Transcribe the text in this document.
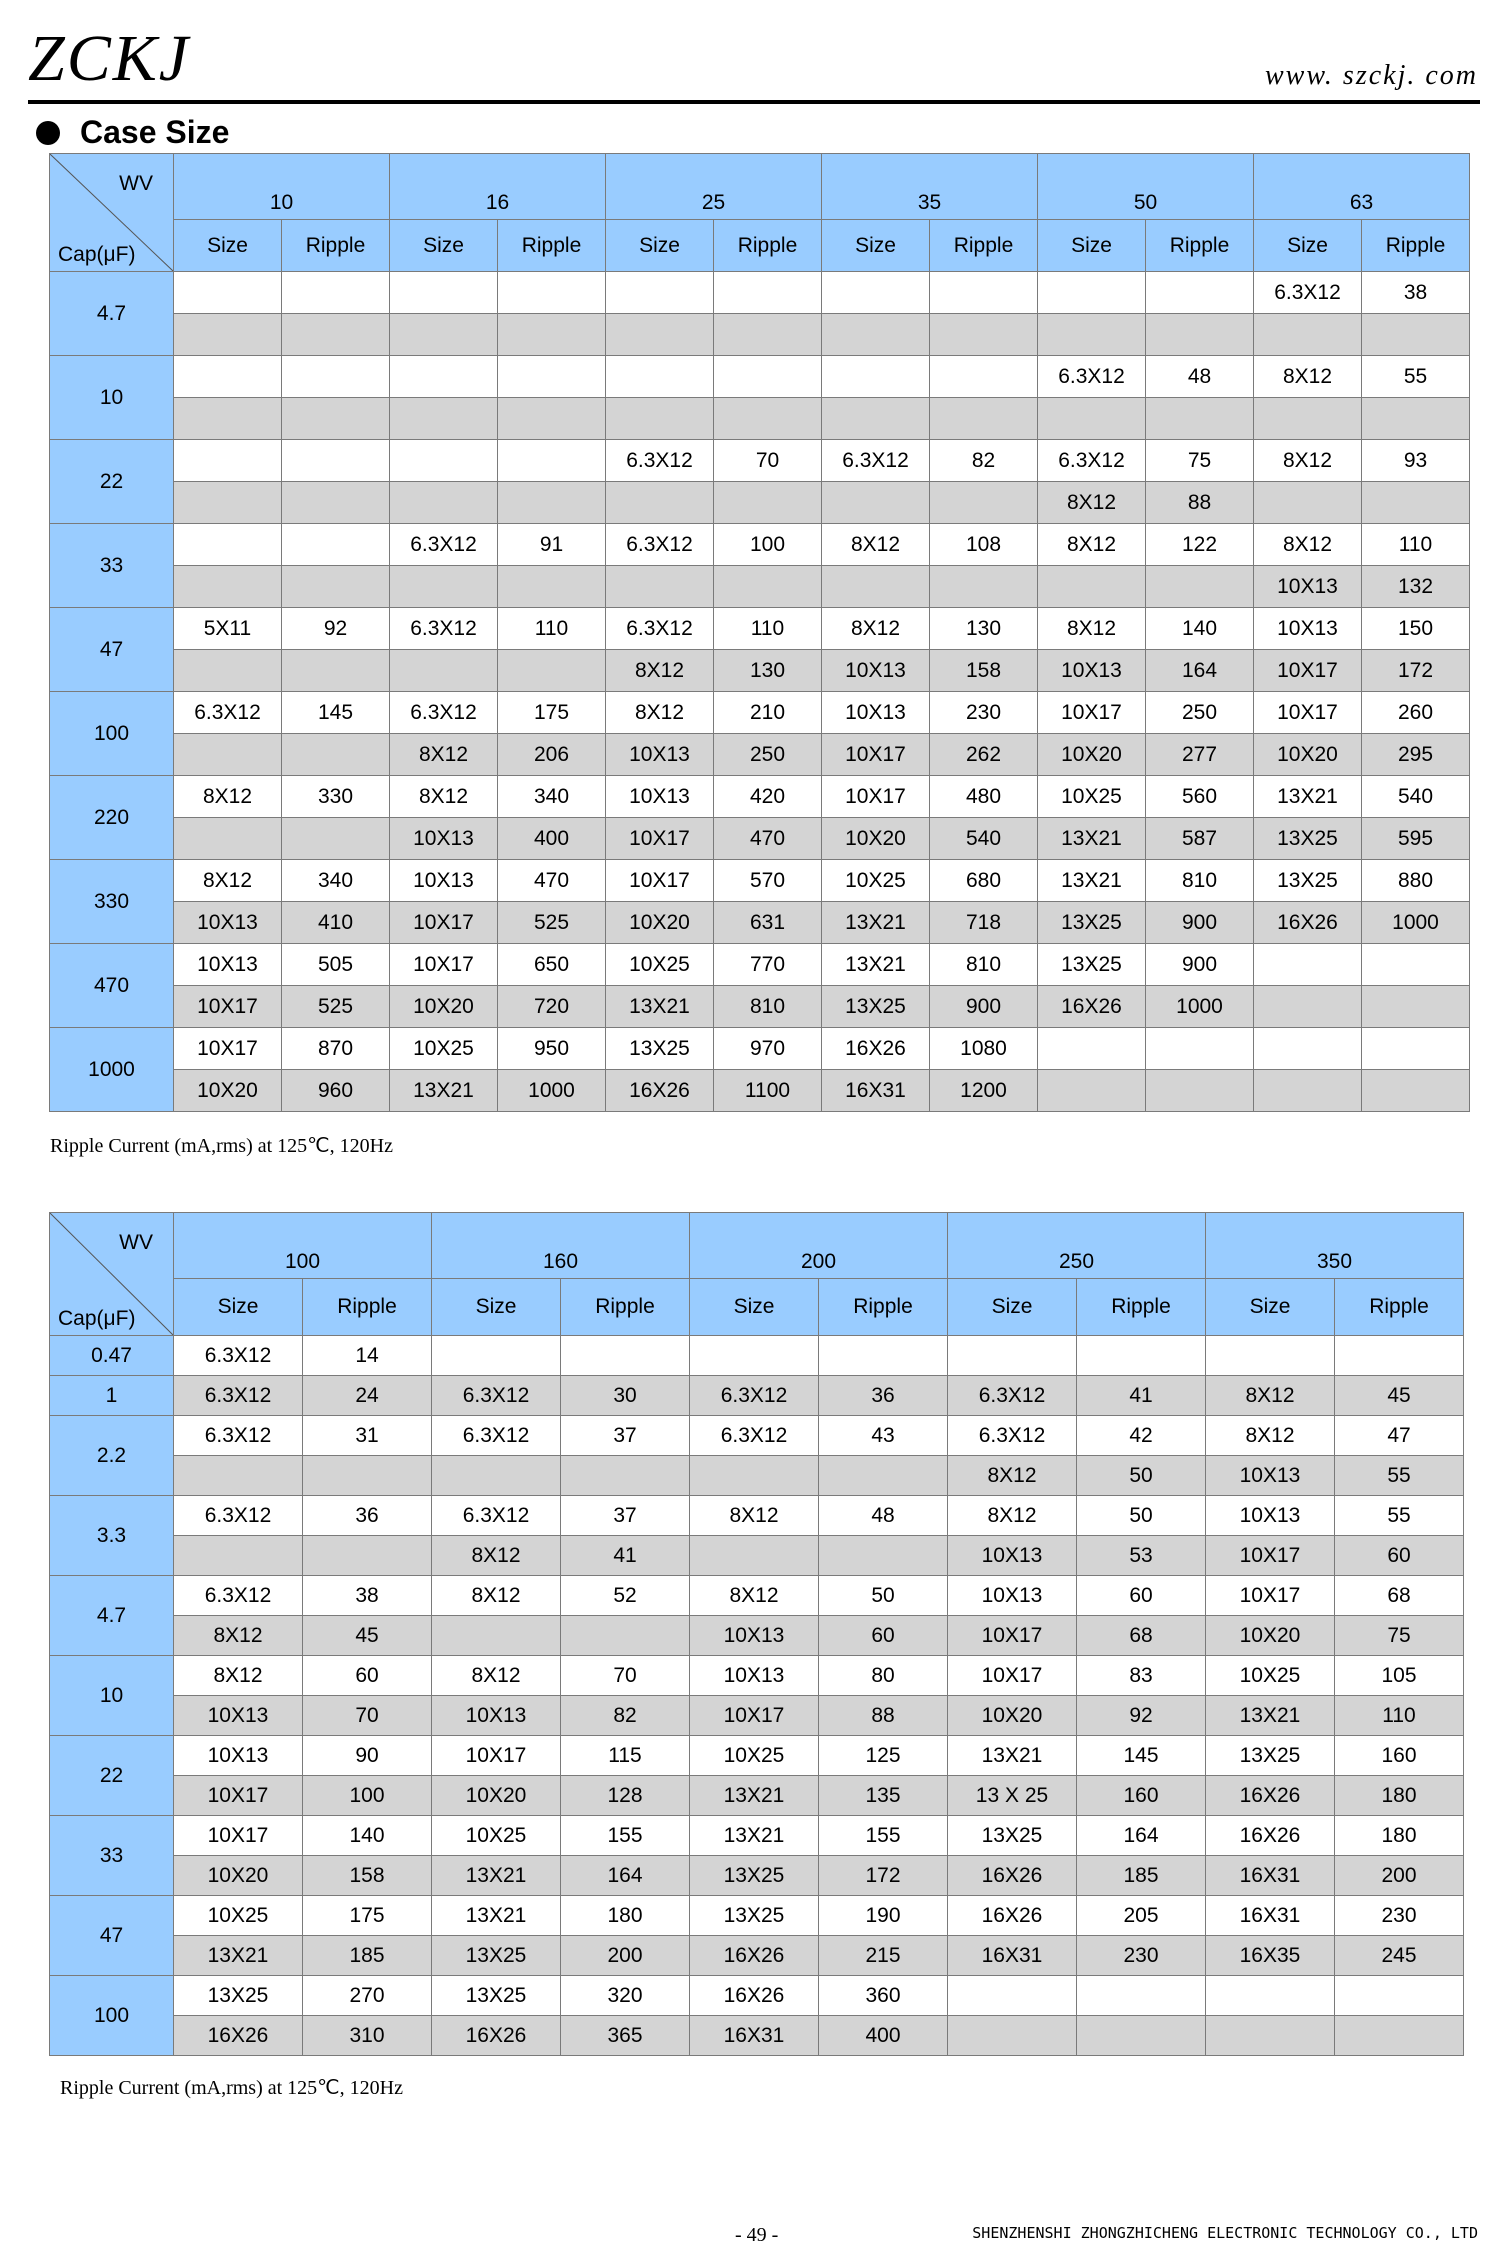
ZCKJ	www. szckj. com
Case Size
WV
Cap(μF)	10		16		25		35		50		63	
	Size	Ripple	Size	Ripple	Size	Ripple	Size	Ripple	Size	Ripple	Size	Ripple
4.7											6.3X12	38

10									6.3X12	48	8X12	55

22					6.3X12	70	6.3X12	82	6.3X12	75	8X12	93
									8X12	88		
33			6.3X12	91	6.3X12	100	8X12	108	8X12	122	8X12	110
											10X13	132
47	5X11	92	6.3X12	110	6.3X12	110	8X12	130	8X12	140	10X13	150
					8X12	130	10X13	158	10X13	164	10X17	172
100	6.3X12	145	6.3X12	175	8X12	210	10X13	230	10X17	250	10X17	260
			8X12	206	10X13	250	10X17	262	10X20	277	10X20	295
220	8X12	330	8X12	340	10X13	420	10X17	480	10X25	560	13X21	540
			10X13	400	10X17	470	10X20	540	13X21	587	13X25	595
330	8X12	340	10X13	470	10X17	570	10X25	680	13X21	810	13X25	880
	10X13	410	10X17	525	10X20	631	13X21	718	13X25	900	16X26	1000
470	10X13	505	10X17	650	10X25	770	13X21	810	13X25	900		
	10X17	525	10X20	720	13X21	810	13X25	900	16X26	1000		
1000	10X17	870	10X25	950	13X25	970	16X26	1080				
	10X20	960	13X21	1000	16X26	1100	16X31	1200				
Ripple Current (mA,rms) at 125℃, 120Hz
WV
Cap(μF)	100		160		200		250		350	
	Size	Ripple	Size	Ripple	Size	Ripple	Size	Ripple	Size	Ripple
0.47	6.3X12	14								
1	6.3X12	24	6.3X12	30	6.3X12	36	6.3X12	41	8X12	45
2.2	6.3X12	31	6.3X12	37	6.3X12	43	6.3X12	42	8X12	47
							8X12	50	10X13	55
3.3	6.3X12	36	6.3X12	37	8X12	48	8X12	50	10X13	55
			8X12	41			10X13	53	10X17	60
4.7	6.3X12	38	8X12	52	8X12	50	10X13	60	10X17	68
	8X12	45			10X13	60	10X17	68	10X20	75
10	8X12	60	8X12	70	10X13	80	10X17	83	10X25	105
	10X13	70	10X13	82	10X17	88	10X20	92	13X21	110
22	10X13	90	10X17	115	10X25	125	13X21	145	13X25	160
	10X17	100	10X20	128	13X21	135	13 X 25	160	16X26	180
33	10X17	140	10X25	155	13X21	155	13X25	164	16X26	180
	10X20	158	13X21	164	13X25	172	16X26	185	16X31	200
47	10X25	175	13X21	180	13X25	190	16X26	205	16X31	230
	13X21	185	13X25	200	16X26	215	16X31	230	16X35	245
100	13X25	270	13X25	320	16X26	360				
	16X26	310	16X26	365	16X31	400				
Ripple Current (mA,rms) at 125℃, 120Hz
- 49 -	SHENZHENSHI ZHONGZHICHENG ELECTRONIC TECHNOLOGY CO., LTD
